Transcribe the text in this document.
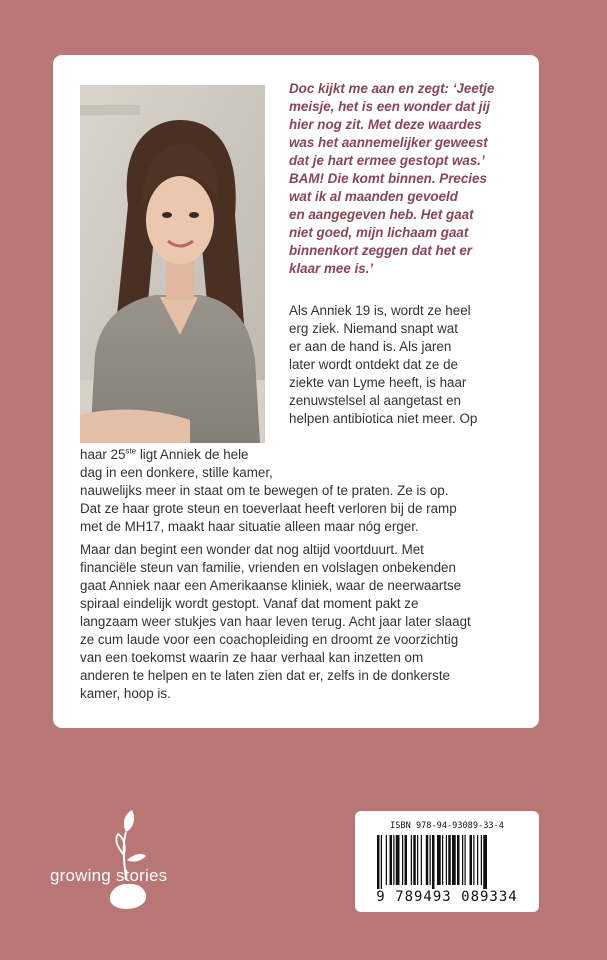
Doc kijkt me aan en zegt: ‘Jeetje
meisje, het is een wonder dat jij
hier nog zit. Met deze waardes
was het aannemelijker geweest
dat je hart ermee gestopt was.’
BAM! Die komt binnen. Precies
wat ik al maanden gevoeld
en aangegeven heb. Het gaat
niet goed, mijn lichaam gaat
binnenkort zeggen dat het er
klaar mee is.’

Als Anniek 19 is, wordt ze heel
erg ziek. Niemand snapt wat
er aan de hand is. Als jaren
later wordt ontdekt dat ze de
ziekte van Lyme heeft, is haar
zenuwstelsel al aangetast en
helpen antibiotica niet meer. Op

haar 25ste ligt Anniek de hele
dag in een donkere, stille kamer,
nauwelijks meer in staat om te bewegen of te praten. Ze is op.
Dat ze haar grote steun en toeverlaat heeft verloren bij de ramp
met de MH17, maakt haar situatie alleen maar nóg erger.

Maar dan begint een wonder dat nog altijd voortduurt. Met
financiële steun van familie, vrienden en volslagen onbekenden
gaat Anniek naar een Amerikaanse kliniek, waar de neerwaartse
spiraal eindelijk wordt gestopt. Vanaf dat moment pakt ze
langzaam weer stukjes van haar leven terug. Acht jaar later slaagt
ze cum laude voor een coachopleiding en droomt ze voorzichtig
van een toekomst waarin ze haar verhaal kan inzetten om
anderen te helpen en te laten zien dat er, zelfs in de donkerste
kamer, hoop is.

growing stories
ISBN 978-94-93089-33-4
9 789493 089334
